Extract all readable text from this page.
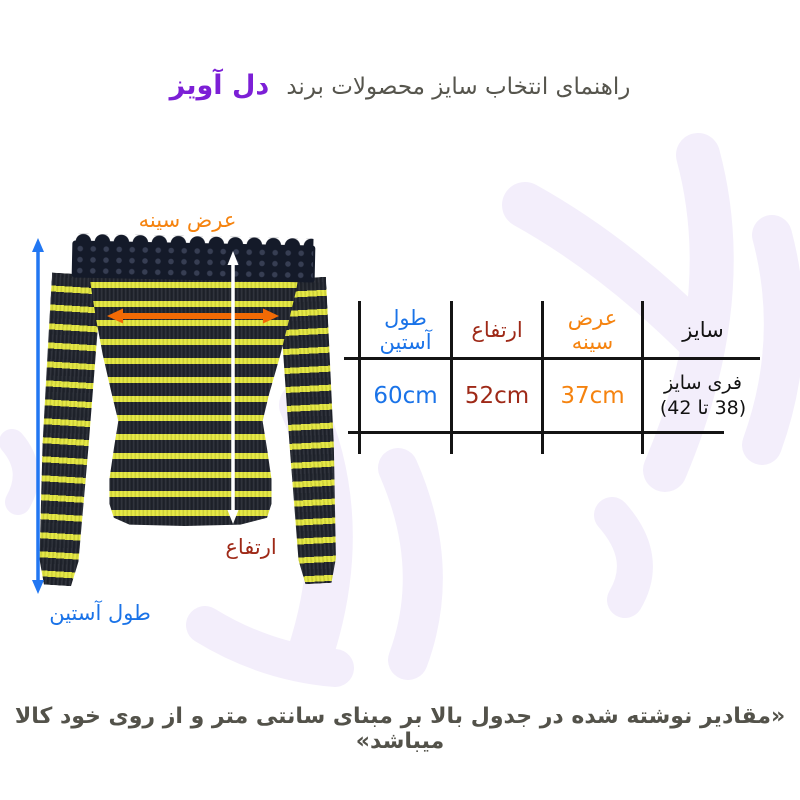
راهنمای انتخاب سایز محصولات برند دل آویز
عرض سینه
ارتفاع
طول آستین
سایز
عرض سینه
ارتفاع
طول آستین
فری سایز
(38 تا 42)
37cm
52cm
60cm
«مقادیر نوشته شده در جدول بالا بر مبنای سانتی متر و از روی خود کالا میباشد»
